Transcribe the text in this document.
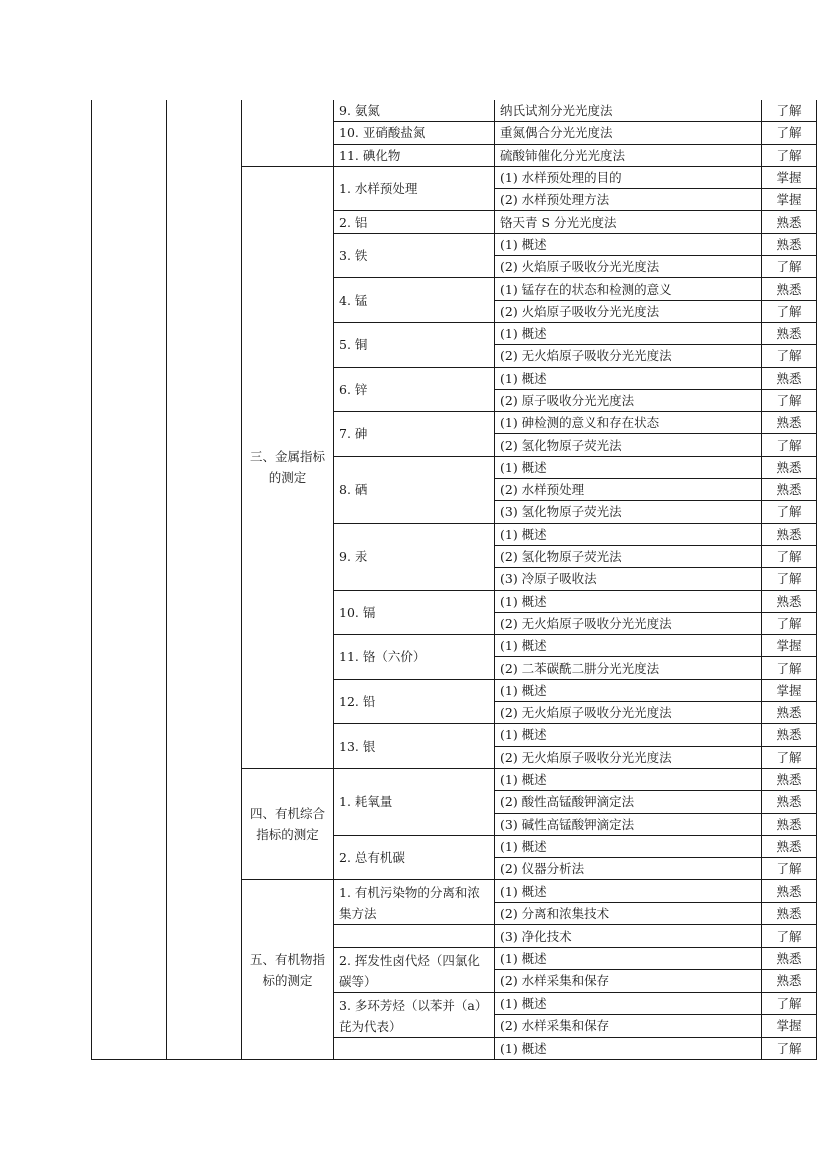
			9. 氨氮	纳氏试剂分光光度法	了解
			10. 亚硝酸盐氮	重氮偶合分光光度法	了解
			11. 碘化物	硫酸铈催化分光光度法	了解
		三、金属指标的测定	1. 水样预处理	(1) 水样预处理的目的	掌握
				(2) 水样预处理方法	掌握
			2. 铝	铬天青 S 分光光度法	熟悉
			3. 铁	(1) 概述	熟悉
				(2) 火焰原子吸收分光光度法	了解
			4. 锰	(1) 锰存在的状态和检测的意义	熟悉
				(2) 火焰原子吸收分光光度法	了解
			5. 铜	(1) 概述	熟悉
				(2) 无火焰原子吸收分光光度法	了解
			6. 锌	(1) 概述	熟悉
				(2) 原子吸收分光光度法	了解
			7. 砷	(1) 砷检测的意义和存在状态	熟悉
				(2) 氢化物原子荧光法	了解
			8. 硒	(1) 概述	熟悉
				(2) 水样预处理	熟悉
				(3) 氢化物原子荧光法	了解
			9. 汞	(1) 概述	熟悉
				(2) 氢化物原子荧光法	了解
				(3) 冷原子吸收法	了解
			10. 镉	(1) 概述	熟悉
				(2) 无火焰原子吸收分光光度法	了解
			11. 铬（六价）	(1) 概述	掌握
				(2) 二苯碳酰二肼分光光度法	了解
			12. 铅	(1) 概述	掌握
				(2) 无火焰原子吸收分光光度法	熟悉
			13. 银	(1) 概述	熟悉
				(2) 无火焰原子吸收分光光度法	了解
		四、有机综合指标的测定	1. 耗氧量	(1) 概述	熟悉
				(2) 酸性高锰酸钾滴定法	熟悉
				(3) 碱性高锰酸钾滴定法	熟悉
			2. 总有机碳	(1) 概述	熟悉
				(2) 仪器分析法	了解
		五、有机物指标的测定	1. 有机污染物的分离和浓集方法	(1) 概述	熟悉
				(2) 分离和浓集技术	熟悉
				(3) 净化技术	了解
			2. 挥发性卤代烃（四氯化碳等）	(1) 概述	熟悉
				(2) 水样采集和保存	熟悉
			3. 多环芳烃（以苯并（a）芘为代表）	(1) 概述	了解
				(2) 水样采集和保存	掌握
				(1) 概述	了解
